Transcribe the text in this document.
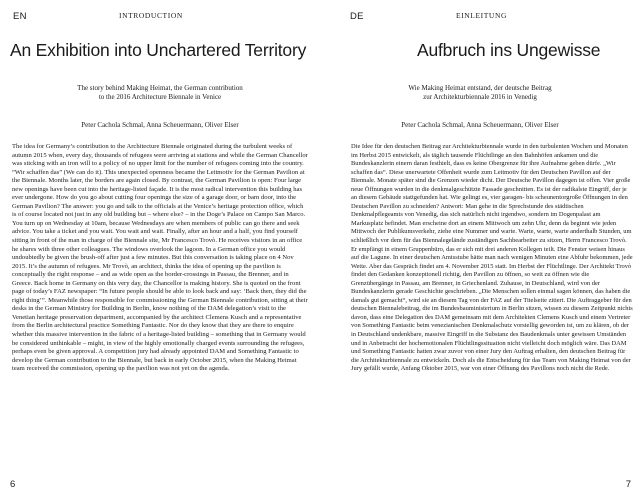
EN	INTRODUCTION
An Exhibition into Unchartered Territory
The story behind Making Heimat, the German contribution
to the 2016 Architecture Biennale in Venice
Peter Cachola Schmal, Anna Scheuermann, Oliver Elser
The idea for Germany’s contribution to the Architecture Biennale originated during the turbulent weeks of autumn 2015 when, every day, thousands of refugees were arriving at stations and while the German Chancellor was sticking with an iron will to a policy of no upper limit for the number of refugees coming into the country. “Wir schaffen das” (We can do it). This unexpected openness became the Leitmotiv for the German Pavilion at the Biennale. Months later, the borders are again closed. By contrast, the German Pavilion is open: Four large new openings have been cut into the heritage-listed façade. It is the most radical intervention this building has ever undergone. How do you go about cutting four openings the size of a garage door, or barn door, into the German Pavilion? The answer: you go and talk to the officials at the Venice’s heritage protection office, which is of course located not just in any old building but – where else? – in the Doge’s Palace on Campo San Marco. You turn up on Wednesday at 10am, because Wednesdays are when members of public can go there and seek advice. You take a ticket and you wait. You wait and wait. Finally, after an hour and a half, you find yourself sitting in front of the man in charge of the Biennale site, Mr Francesco Trovò. He receives visitors in an office he shares with three other colleagues. The windows overlook the lagoon. In a German office you would undoubtedly be given the brush-off after just a few minutes. But this conversation is taking place on 4 Nov 2015. It’s the autumn of refugees. Mr Trovò, an architect, thinks the idea of opening up the pavilion is conceptually the right response – and as wide open as the border-crossings in Passau, the Brenner, and in Greece. Back home in Germany on this very day, the Chancellor is making history. She is quoted on the front page of today’s FAZ newspaper: “In future people should be able to look back and say: ‘Back then, they did the right thing’”. Meanwhile those responsible for commissioning the German Biennale contribution, sitting at their desks in the German Ministry for Building in Berlin, know nothing of the DAM delegation’s visit to the Venetian heritage preservation department, accompanied by the architect Clemens Kusch and a representative from the Berlin architectural practice Something Fantastic. Nor do they know that they are there to enquire whether this massive intervention in the fabric of a heritage-listed building – something that in Germany would be considered unthinkable – might, in view of the highly emotionally charged events surrounding the refugees, perhaps even be given approval. A competition jury had already appointed DAM and Something Fantastic to develop the German contribution to the Biennale, but back in early October 2015, when the Making Heimat team received the commission, opening up the pavilion was not yet on the agenda.
6
DE	EINLEITUNG
Aufbruch ins Ungewisse
Wie Making Heimat entstand, der deutsche Beitrag
zur Architekturbiennale 2016 in Venedig
Peter Cachola Schmal, Anna Scheuermann, Oliver Elser
Die Idee für den deutschen Beitrag zur Architekturbiennale wurde in den turbulenten Wochen und Monaten im Herbst 2015 entwickelt, als täglich tausende Flüchtlinge an den Bahnhöfen ankamen und die Bundeskanzlerin einern daran festhielt, dass es keine Obergrenze für ihre Aufnahme geben dürfe. „Wir schaffen das“. Diese unerwartete Offenheit wurde zum Leitmotiv für den Deutschen Pavillon auf der Biennale. Monate später sind die Grenzen wieder dicht. Der Deutsche Pavillon dagegen ist offen. Vier große neue Öffnungen wurden in die denkmalgeschützte Fassade geschnitten. Es ist der radikalste Eingriff, der je an diesem Gebäude stattgefunden hat. Wie gelingt es, vier garagen- bis scheunentorgroße Öffnungen in den Deutschen Pavillon zu schneiden? Antwort: Man gehe in die Sprechstunde des städtischen Denkmalpflegeamts von Venedig, das sich natürlich nicht irgendwo, sondern im Dogenpalast am Markusplatz befindet. Man erscheine dort an einem Mittwoch um zehn Uhr, denn da beginnt wie jeden Mittwoch der Publikumsverkehr, ziehe eine Nummer und warte. Warte, warte, warte anderthalb Stunden, um schließlich vor dem für das Biennalegelände zuständigen Sachbearbeiter zu sitzen, Herrn Francesco Trovò. Er empfängt in einem Gruppenbüro, das er sich mit drei anderen Kollegen teilt. Die Fenster weisen hinaus auf die Lagune. In einer deutschen Amtsstube hätte man nach wenigen Minuten eine Abfuhr bekommen, jede Wette. Aber das Gespräch findet am 4. November 2015 statt. Im Herbst der Flüchtlinge. Der Architekt Trovò findet den Gedanken konzeptionell richtig, den Pavillon zu öffnen, so weit zu öffnen wie die Grenzübergänge in Passau, am Brenner, in Griechenland. Zuhause, in Deutschland, wird von der Bundeskanzlerin gerade Geschichte geschrieben. „Die Menschen sollen einmal sagen können, das haben die damals gut gemacht“, wird sie an diesem Tag von der FAZ auf der Titelseite zitiert. Die Auftraggeber für den deutschen Biennalebeitrag, die im Bundesbauministerium in Berlin sitzen, wissen zu diesem Zeitpunkt nichts davon, dass eine Delegation des DAM gemeinsam mit dem Architekten Clemens Kusch und einem Vertreter von Something Fantastic beim venezianischen Denkmalschutz vorstellig geworden ist, um zu klären, ob der in Deutschland undenkbare, massive Eingriff in die Substanz des Baudenkmals unter gewissen Umständen und in Anbetracht der hochemotionalen Flüchtlingssituation nicht vielleicht doch möglich wäre. Das DAM und Something Fantastic hatten zwar zuvor von einer Jury den Auftrag erhalten, den deutschen Beitrag für die Architekturbiennale zu entwickeln. Doch als die Entscheidung für das Team von Making Heimat von der Jury gefällt wurde, Anfang Oktober 2015, war von einer Öffnung des Pavillons noch nicht die Rede.
7
